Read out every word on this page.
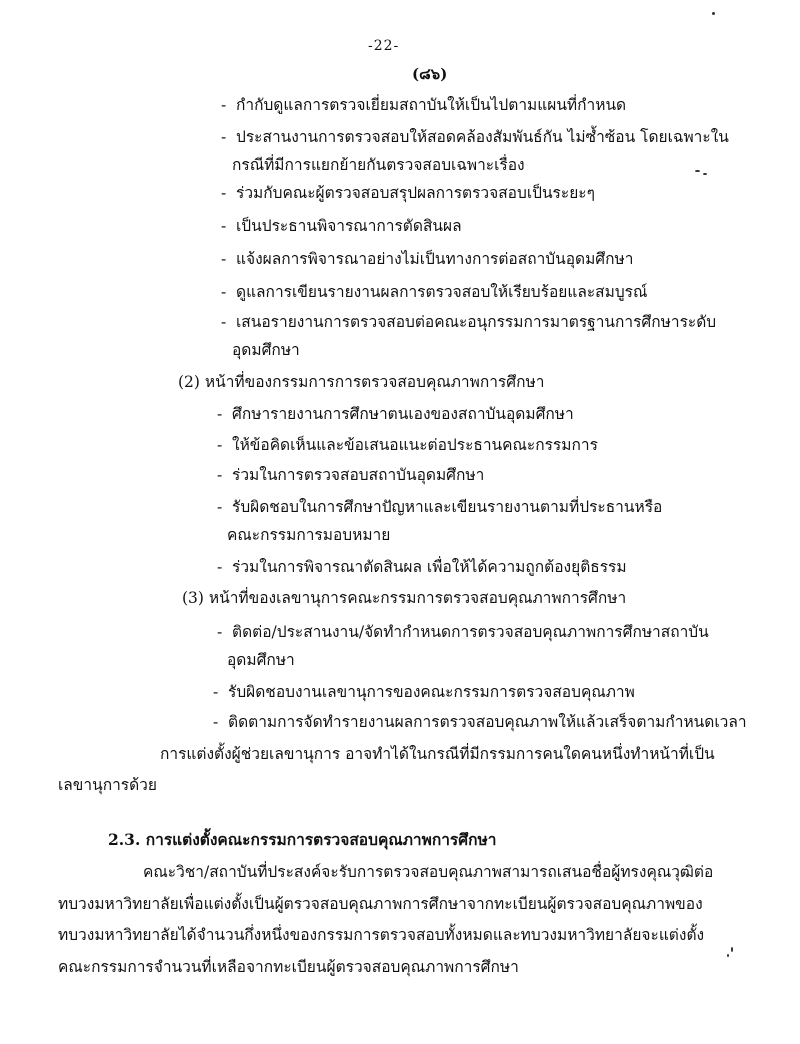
-22-
(๘๖)
- กำกับดูแลการตรวจเยี่ยมสถาบันให้เป็นไปตามแผนที่กำหนด
- ประสานงานการตรวจสอบให้สอดคล้องสัมพันธ์กัน ไม่ซ้ำซ้อน โดยเฉพาะใน
กรณีที่มีการแยกย้ายกันตรวจสอบเฉพาะเรื่อง
- ร่วมกับคณะผู้ตรวจสอบสรุปผลการตรวจสอบเป็นระยะๆ
- เป็นประธานพิจารณาการตัดสินผล
- แจ้งผลการพิจารณาอย่างไม่เป็นทางการต่อสถาบันอุดมศึกษา
- ดูแลการเขียนรายงานผลการตรวจสอบให้เรียบร้อยและสมบูรณ์
- เสนอรายงานการตรวจสอบต่อคณะอนุกรรมการมาตรฐานการศึกษาระดับ
อุดมศึกษา
(2) หน้าที่ของกรรมการการตรวจสอบคุณภาพการศึกษา
- ศึกษารายงานการศึกษาตนเองของสถาบันอุดมศึกษา
- ให้ข้อคิดเห็นและข้อเสนอแนะต่อประธานคณะกรรมการ
- ร่วมในการตรวจสอบสถาบันอุดมศึกษา
- รับผิดชอบในการศึกษาปัญหาและเขียนรายงานตามที่ประธานหรือ
คณะกรรมการมอบหมาย
- ร่วมในการพิจารณาตัดสินผล เพื่อให้ได้ความถูกต้องยุติธรรม
(3) หน้าที่ของเลขานุการคณะกรรมการตรวจสอบคุณภาพการศึกษา
- ติดต่อ/ประสานงาน/จัดทำกำหนดการตรวจสอบคุณภาพการศึกษาสถาบัน
อุดมศึกษา
- รับผิดชอบงานเลขานุการของคณะกรรมการตรวจสอบคุณภาพ
- ติดตามการจัดทำรายงานผลการตรวจสอบคุณภาพให้แล้วเสร็จตามกำหนดเวลา
การแต่งตั้งผู้ช่วยเลขานุการ อาจทำได้ในกรณีที่มีกรรมการคนใดคนหนึ่งทำหน้าที่เป็น
เลขานุการด้วย
2.3. การแต่งตั้งคณะกรรมการตรวจสอบคุณภาพการศึกษา
คณะวิชา/สถาบันที่ประสงค์จะรับการตรวจสอบคุณภาพสามารถเสนอชื่อผู้ทรงคุณวุฒิต่อ
ทบวงมหาวิทยาลัยเพื่อแต่งตั้งเป็นผู้ตรวจสอบคุณภาพการศึกษาจากทะเบียนผู้ตรวจสอบคุณภาพของ
ทบวงมหาวิทยาลัยได้จำนวนกึ่งหนึ่งของกรรมการตรวจสอบทั้งหมดและทบวงมหาวิทยาลัยจะแต่งตั้ง
คณะกรรมการจำนวนที่เหลือจากทะเบียนผู้ตรวจสอบคุณภาพการศึกษา
